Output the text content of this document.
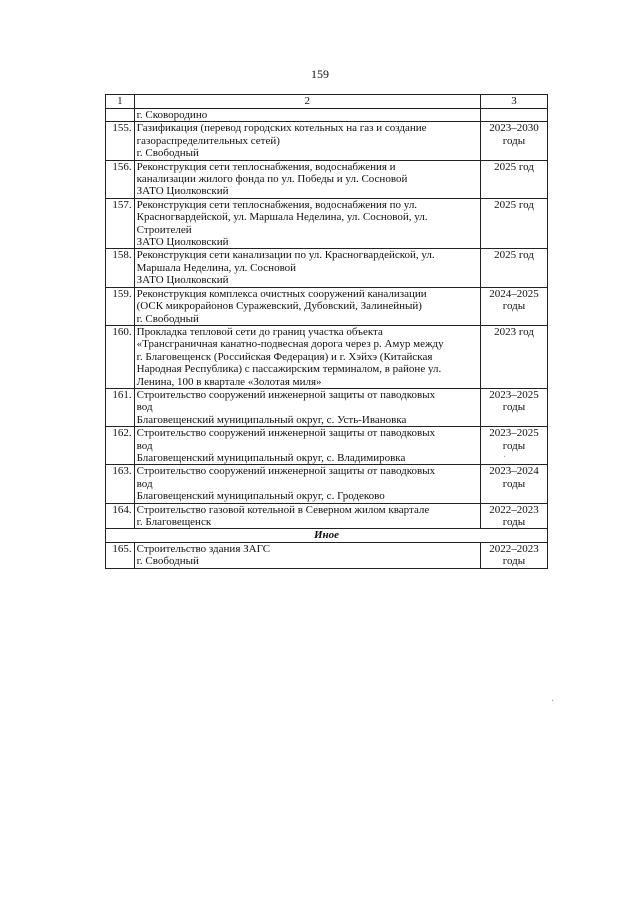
159
1	2	3

	г. Сковородино	

155.	Газификация (перевод городских котельных на газ и создание
газораспределительных сетей)
г. Свободный	2023–2030
годы

156.	Реконструкция сети теплоснабжения, водоснабжения и
канализации жилого фонда по ул. Победы и ул. Сосновой
ЗАТО Циолковский	2025 год

157.	Реконструкция сети теплоснабжения, водоснабжения по ул.
Красногвардейской, ул. Маршала Неделина, ул. Сосновой, ул.
Строителей
ЗАТО Циолковский	2025 год

158.	Реконструкция сети канализации по ул. Красногвардейской, ул.
Маршала Неделина, ул. Сосновой
ЗАТО Циолковский	2025 год

159.	Реконструкция комплекса очистных сооружений канализации
(ОСК микрорайонов Суражевский, Дубовский, Залинейный)
г. Свободный	2024–2025
годы

160.	Прокладка тепловой сети до границ участка объекта
«Трансграничная канатно-подвесная дорога через р. Амур между
г. Благовещенск (Российская Федерация) и г. Хэйхэ (Китайская
Народная Республика) с пассажирским терминалом, в районе ул.
Ленина, 100 в квартале «Золотая миля»	2023 год

161.	Строительство сооружений инженерной защиты от паводковых
вод
Благовещенский муниципальный округ, с. Усть-Ивановка	2023–2025
годы

162.	Строительство сооружений инженерной защиты от паводковых
вод
Благовещенский муниципальный округ, с. Владимировка	2023–2025
годы

163.	Строительство сооружений инженерной защиты от паводковых
вод
Благовещенский муниципальный округ, с. Гродеково	2023–2024
годы

164.	Строительство газовой котельной в Северном жилом квартале
г. Благовещенск	2022–2023
годы

Иное		
165.	Строительство здания ЗАГС
г. Свободный	2022–2023
годы
·
·
